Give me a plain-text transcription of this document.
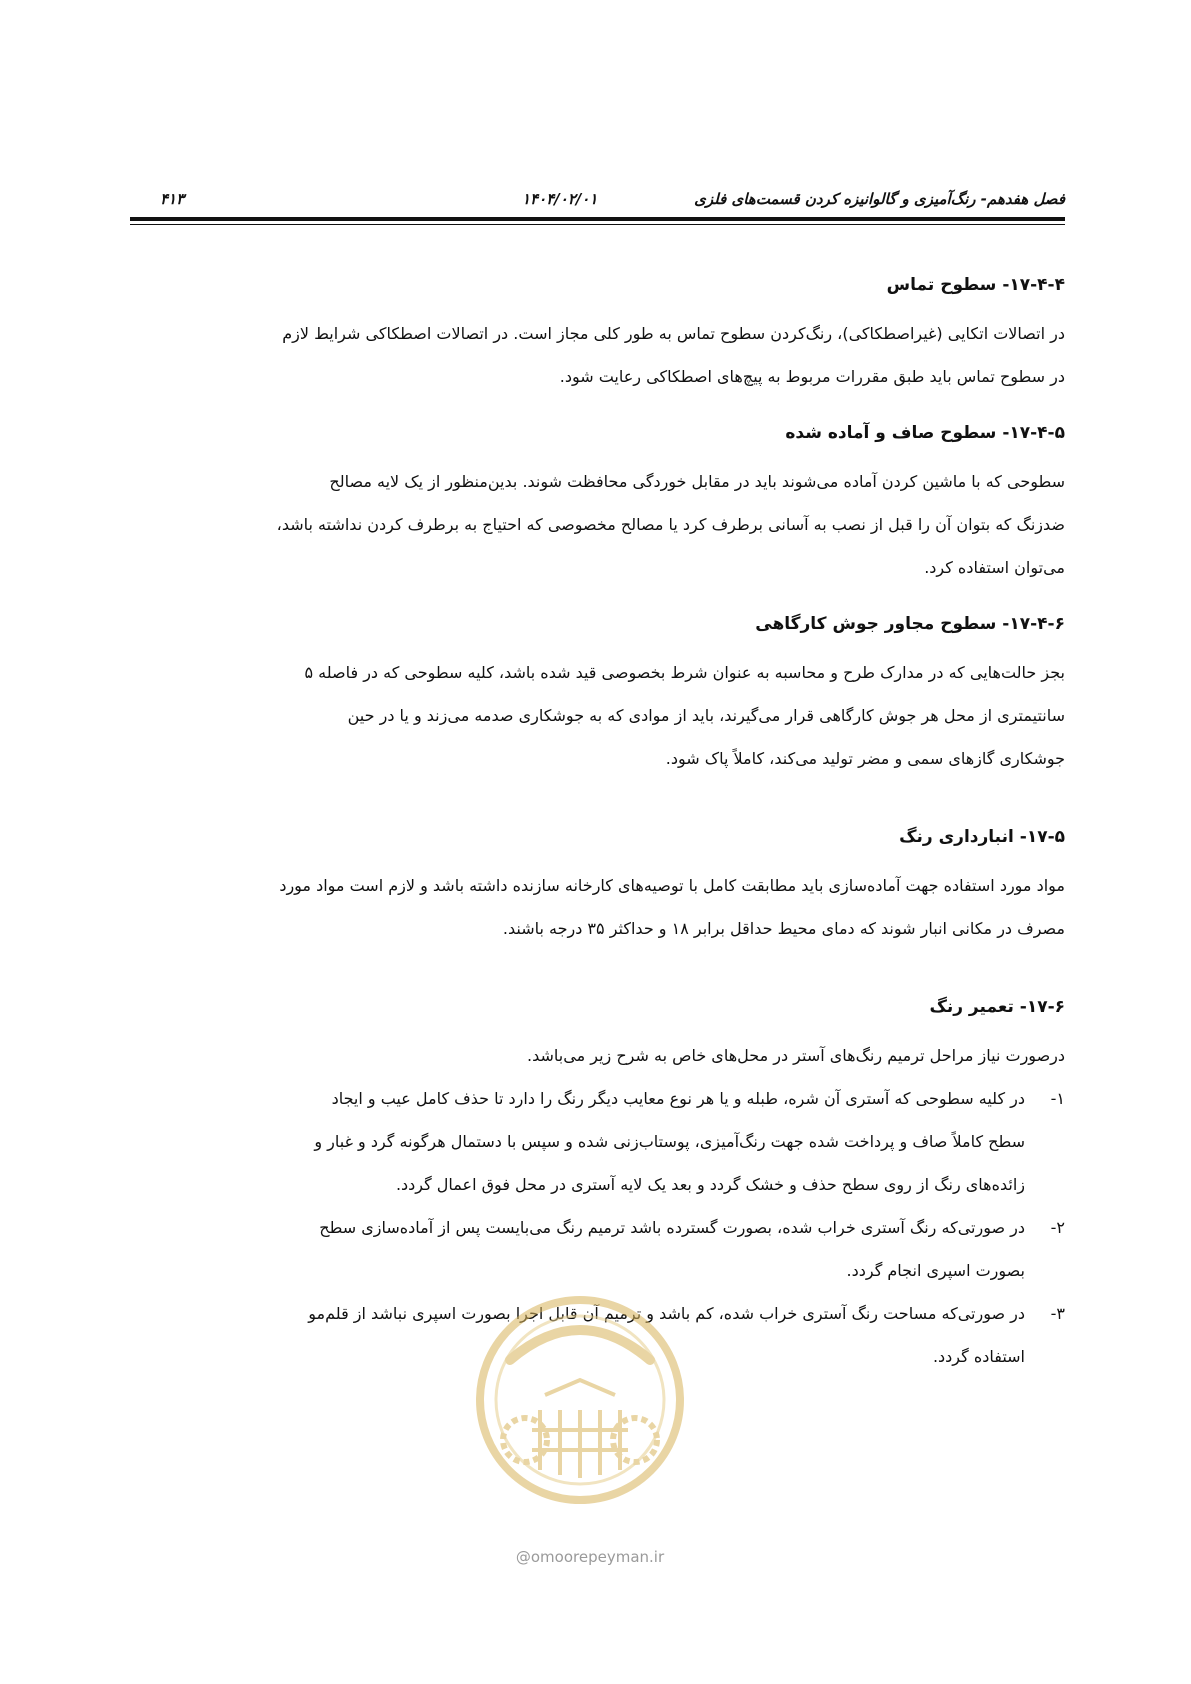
فصل هفدهم- رنگ‌آمیزی و گالوانیزه کردن قسمت‌های فلزی
۱۴۰۴/۰۲/۰۱
۴۱۳
۱۷-۴-۴- سطوح تماس
در اتصالات اتکایی (غیراصطکاکی)، رنگ‌کردن سطوح تماس به طور کلی مجاز است. در اتصالات اصطکاکی شرایط لازم
در سطوح تماس باید طبق مقررات مربوط به پیچ‌های اصطکاکی رعایت شود.
۱۷-۴-۵- سطوح صاف و آماده شده
سطوحی که با ماشین کردن آماده می‌شوند باید در مقابل خوردگی محافظت شوند. بدین‌منظور از یک لایه مصالح
ضدزنگ که بتوان آن را قبل از نصب به آسانی برطرف کرد یا مصالح مخصوصی که احتیاج به برطرف کردن نداشته باشد،
می‌توان استفاده کرد.
۱۷-۴-۶- سطوح مجاور جوش کارگاهی
بجز حالت‌هایی که در مدارک طرح و محاسبه به عنوان شرط بخصوصی قید شده باشد، کلیه سطوحی که در فاصله ۵
سانتیمتری از محل هر جوش کارگاهی قرار می‌گیرند، باید از موادی که به جوشکاری صدمه می‌زند و یا در حین
جوشکاری گازهای سمی و مضر تولید می‌کند، کاملاً پاک شود.
۱۷-۵- انبارداری رنگ
مواد مورد استفاده جهت آماده‌سازی باید مطابقت کامل با توصیه‌های کارخانه سازنده داشته باشد و لازم است مواد مورد
مصرف در مکانی انبار شوند که دمای محیط حداقل برابر ۱۸ و حداکثر ۳۵ درجه باشند.
۱۷-۶- تعمیر رنگ
درصورت نیاز مراحل ترمیم رنگ‌های آستر در محل‌های خاص به شرح زیر می‌باشد.
۱-
در کلیه سطوحی که آستری آن شره، طبله و یا هر نوع معایب دیگر رنگ را دارد تا حذف کامل عیب و ایجاد
سطح کاملاً صاف و پرداخت شده جهت رنگ‌آمیزی، پوستاب‌زنی شده و سپس با دستمال هرگونه گرد و غبار و
زائده‌های رنگ از روی سطح حذف و خشک گردد و بعد یک لایه آستری در محل فوق اعمال گردد.
۲-
در صورتی‌که رنگ آستری خراب شده، بصورت گسترده باشد ترمیم رنگ می‌بایست پس از آماده‌سازی سطح
بصورت اسپری انجام گردد.
۳-
در صورتی‌که مساحت رنگ آستری خراب شده، کم باشد و ترمیم آن قابل اجرا بصورت اسپری نباشد از قلم‌مو
استفاده گردد.
@omoorepeyman.ir
